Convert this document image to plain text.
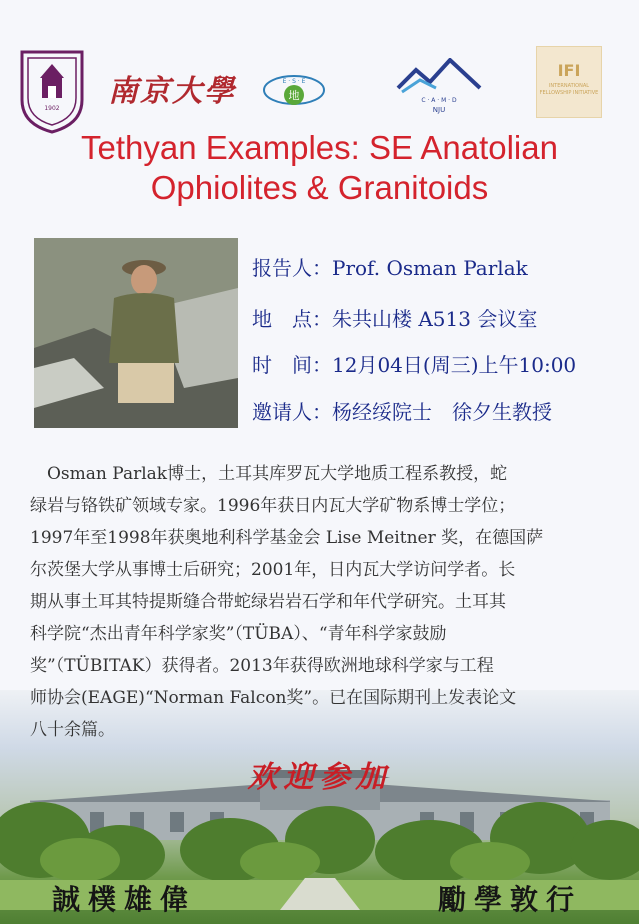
1902 南京大學	E · S · E
地	C · A · M · D
NJU
IFI
INTERNATIONAL FELLOWSHIP INITIATIVE
Tethyan Examples: SE Anatolian
Ophiolites & Granitoids
报告人：Prof. Osman Parlak
地　点：朱共山楼 A513 会议室
时　间：12月04日(周三)上午10:00
邀请人：杨经绥院士　徐夕生教授
　Osman Parlak博士，土耳其库罗瓦大学地质工程系教授，蛇
绿岩与铬铁矿领域专家。1996年获日内瓦大学矿物系博士学位；
1997年至1998年获奥地利科学基金会 Lise Meitner 奖，在德国萨
尔茨堡大学从事博士后研究；2001年，日内瓦大学访问学者。长
期从事土耳其特提斯缝合带蛇绿岩岩石学和年代学研究。土耳其
科学院“杰出青年科学家奖”（TÜBA）、“青年科学家鼓励
奖”（TÜBITAK）获得者。2013年获得欧洲地球科学家与工程
师协会(EAGE)“Norman Falcon奖”。已在国际期刊上发表论文
八十余篇。
欢迎参加
誠樸雄偉	勵學敦行
